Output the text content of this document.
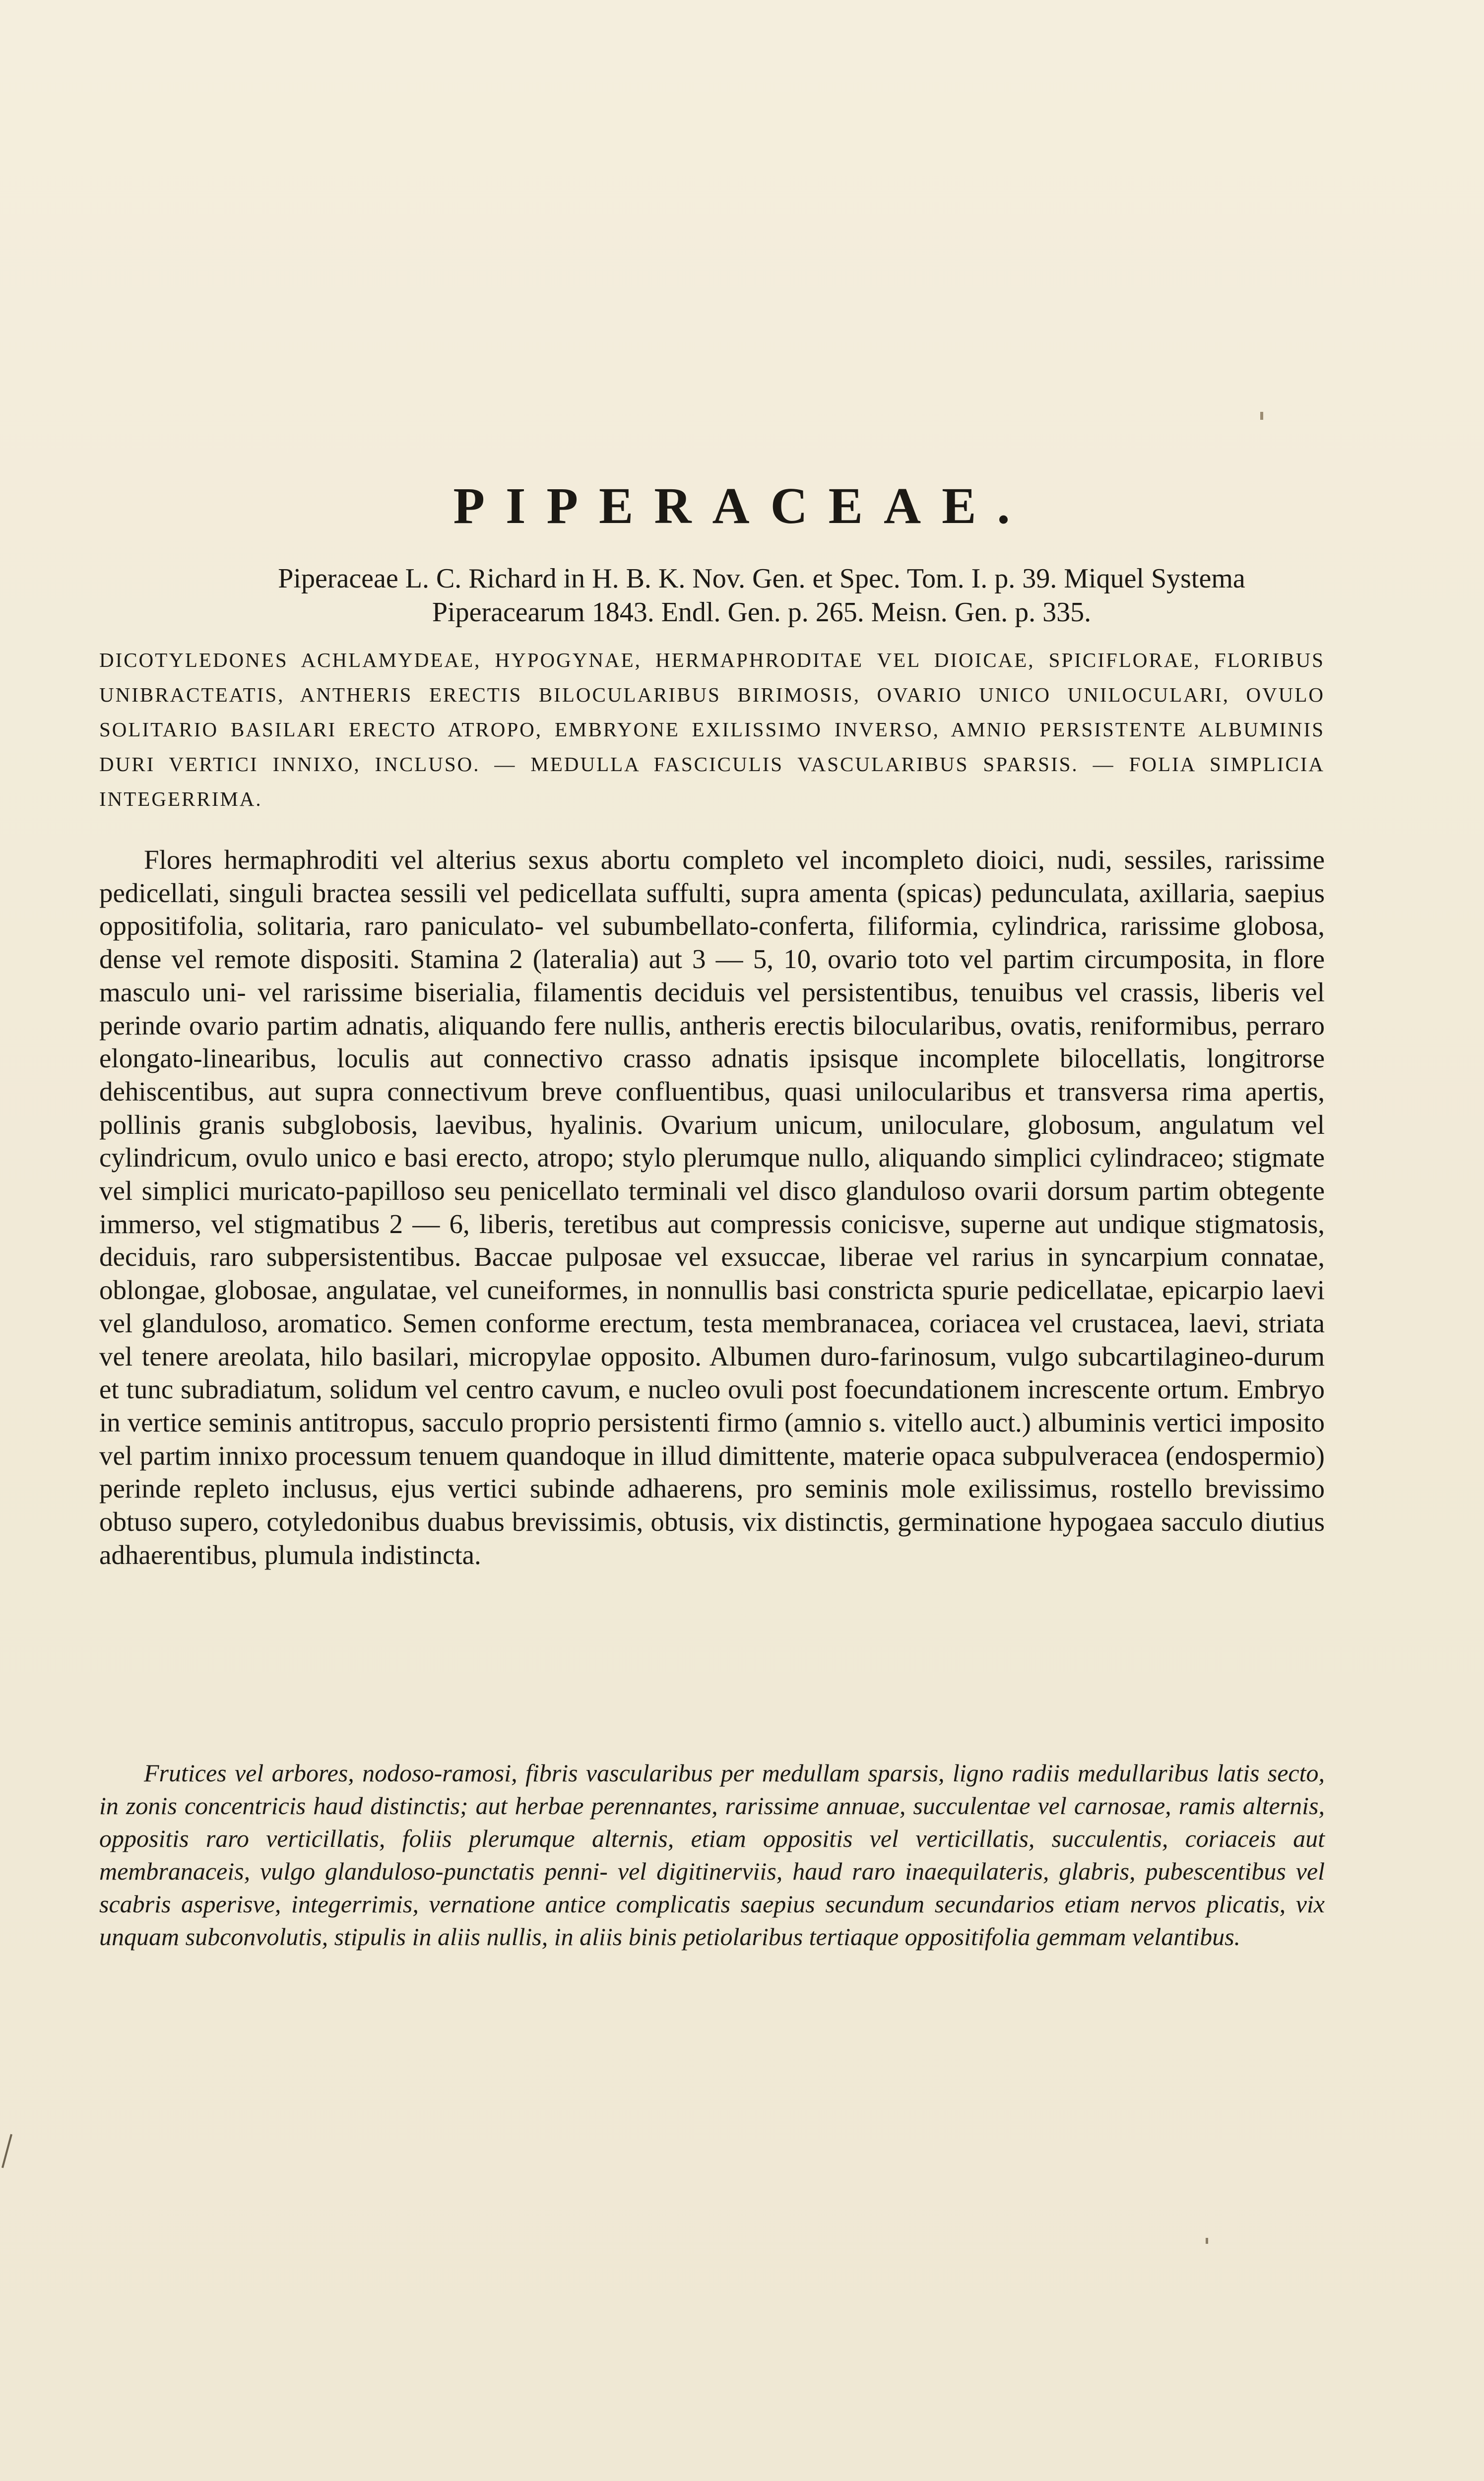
PIPERACEAE.
Piperaceae L. C. Richard in H. B. K. Nov. Gen. et Spec. Tom. I. p. 39. Miquel Systema Piperacearum 1843. Endl. Gen. p. 265. Meisn. Gen. p. 335.
DICOTYLEDONES ACHLAMYDEAE, HYPOGYNAE, HERMAPHRODITAE VEL DIOICAE, SPICIFLORAE, FLORIBUS UNIBRACTEATIS, ANTHERIS ERECTIS BILOCULARIBUS BIRIMOSIS, OVARIO UNICO UNILOCULARI, OVULO SOLITARIO BASILARI ERECTO ATROPO, EMBRYONE EXILISSIMO INVERSO, AMNIO PERSISTENTE ALBUMINIS DURI VERTICI INNIXO, INCLUSO. — MEDULLA FASCICULIS VASCULARIBUS SPARSIS. — FOLIA SIMPLICIA INTEGERRIMA.
Flores hermaphroditi vel alterius sexus abortu completo vel incompleto dioici, nudi, sessiles, rarissime pedicellati, singuli bractea sessili vel pedicellata suffulti, supra amenta (spicas) pedunculata, axillaria, saepius oppositifolia, solitaria, raro paniculato- vel subumbellato-conferta, filiformia, cylindrica, rarissime globosa, dense vel remote dispositi. Stamina 2 (lateralia) aut 3 — 5, 10, ovario toto vel partim circumposita, in flore masculo uni- vel rarissime biserialia, filamentis deciduis vel persistentibus, tenuibus vel crassis, liberis vel perinde ovario partim adnatis, aliquando fere nullis, antheris erectis bilocularibus, ovatis, reniformibus, perraro elongato-linearibus, loculis aut connectivo crasso adnatis ipsisque incomplete bilocellatis, longitrorse dehiscentibus, aut supra connectivum breve confluentibus, quasi unilocularibus et transversa rima apertis, pollinis granis subglobosis, laevibus, hyalinis. Ovarium unicum, uniloculare, globosum, angulatum vel cylindricum, ovulo unico e basi erecto, atropo; stylo plerumque nullo, aliquando simplici cylindraceo; stigmate vel simplici muricato-papilloso seu penicellato terminali vel disco glanduloso ovarii dorsum partim obtegente immerso, vel stigmatibus 2 — 6, liberis, teretibus aut compressis conicisve, superne aut undique stigmatosis, deciduis, raro subpersistentibus. Baccae pulposae vel exsuccae, liberae vel rarius in syncarpium connatae, oblongae, globosae, angulatae, vel cuneiformes, in nonnullis basi constricta spurie pedicellatae, epicarpio laevi vel glanduloso, aromatico. Semen conforme erectum, testa membranacea, coriacea vel crustacea, laevi, striata vel tenere areolata, hilo basilari, micropylae opposito. Albumen duro-farinosum, vulgo subcartilagineo-durum et tunc subradiatum, solidum vel centro cavum, e nucleo ovuli post foecundationem increscente ortum. Embryo in vertice seminis antitropus, sacculo proprio persistenti firmo (amnio s. vitello auct.) albuminis vertici imposito vel partim innixo processum tenuem quandoque in illud dimittente, materie opaca subpulveracea (endospermio) perinde repleto inclusus, ejus vertici subinde adhaerens, pro seminis mole exilissimus, rostello brevissimo obtuso supero, cotyledonibus duabus brevissimis, obtusis, vix distinctis, germinatione hypogaea sacculo diutius adhaerentibus, plumula indistincta.
Frutices vel arbores, nodoso-ramosi, fibris vascularibus per medullam sparsis, ligno radiis medullaribus latis secto, in zonis concentricis haud distinctis; aut herbae perennantes, rarissime annuae, succulentae vel carnosae, ramis alternis, oppositis raro verticillatis, foliis plerumque alternis, etiam oppositis vel verticillatis, succulentis, coriaceis aut membranaceis, vulgo glanduloso-punctatis penni- vel digitinerviis, haud raro inaequilateris, glabris, pubescentibus vel scabris asperisve, integerrimis, vernatione antice complicatis saepius secundum secundarios etiam nervos plicatis, vix unquam subconvolutis, stipulis in aliis nullis, in aliis binis petiolaribus tertiaque oppositifolia gemmam velantibus.
